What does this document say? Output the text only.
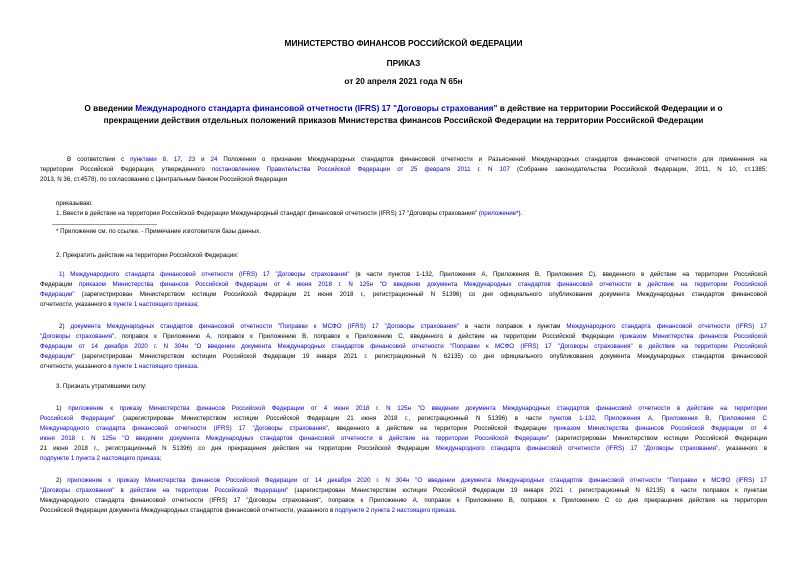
МИНИСТЕРСТВО ФИНАНСОВ РОССИЙСКОЙ ФЕДЕРАЦИИ
ПРИКАЗ
от 20 апреля 2021 года N 65н
О введении Международного стандарта финансовой отчетности (IFRS) 17 "Договоры страхования" в действие на территории Российской Федерации и о
прекращении действия отдельных положений приказов Министерства финансов Российской Федерации на территории Российской Федерации
В соответствии с пунктами 8, 17, 23 и 24 Положения о признании Международных стандартов финансовой отчетности и Разъяснений Международных стандартов финансовой отчетности для применения на
территории Российской Федерации, утвержденного постановлением Правительства Российской Федерации от 25 февраля 2011 г. N 107 (Собрание законодательства Российской Федерации, 2011, N 10, ст.1385;
2013, N 36, ст.4578), по согласованию с Центральным банком Российской Федерации
приказываю:
1. Ввести в действие на территории Российской Федерации Международный стандарт финансовой отчетности (IFRS) 17 "Договоры страхования" (приложение*).
* Приложение см. по ссылке. - Примечание изготовителя базы данных.
2. Прекратить действие на территории Российской Федерации:
1) Международного стандарта финансовой отчетности (IFRS) 17 "Договоры страхования" (в части пунктов 1-132, Приложения A, Приложения B, Приложения C), введенного в действие на территории Российской
Федерации приказом Министерства финансов Российской Федерации от 4 июня 2018 г. N 125н "О введении документа Международных стандартов финансовой отчетности в действие на территории Российской
Федерации" (зарегистрирован Министерством юстиции Российской Федерации 21 июня 2018 г., регистрационный N 51396) со дня официального опубликования документа Международных стандартов финансовой
отчетности, указанного в пункте 1 настоящего приказа;
2) документа Международных стандартов финансовой отчетности "Поправки к МСФО (IFRS) 17 "Договоры страхования" в части поправок к пунктам Международного стандарта финансовой отчетности (IFRS) 17
"Договоры страхования", поправок к Приложению A, поправок к Приложению B, поправок к Приложению C, введенного в действие на территории Российской Федерации приказом Министерства финансов Российской
Федерации от 14 декабря 2020 г. N 304н "О введении документа Международных стандартов финансовой отчетности "Поправки к МСФО (IFRS) 17 "Договоры страхования" в действие на территории Российской
Федерации" (зарегистрирован Министерством юстиции Российской Федерации 19 января 2021 г. регистрационный N 62135) со дня официального опубликования документа Международных стандартов финансовой
отчетности, указанного в пункте 1 настоящего приказа.
3. Признать утратившими силу:
1) приложение к приказу Министерства финансов Российской Федерации от 4 июня 2018 г. N 125н "О введении документа Международных стандартов финансовой отчетности в действие на территории
Российской Федерации" (зарегистрирован Министерством юстиции Российской Федерации 21 июня 2018 г., регистрационный N 51396) в части пунктов 1-132, Приложения A, Приложения B, Приложения C
Международного стандарта финансовой отчетности (IFRS) 17 "Договоры страхования", введенного в действие на территории Российской Федерации приказом Министерства финансов Российской Федерации от 4
июня 2018 г. N 125н "О введении документа Международных стандартов финансовой отчетности в действие на территории Российской Федерации" (зарегистрирован Министерством юстиции Российской Федерации
21 июня 2018 г., регистрационный N 51396) со дня прекращения действия на территории Российской Федерации Международного стандарта финансовой отчетности (IFRS) 17 "Договоры страхования", указанного в
подпункте 1 пункта 2 настоящего приказа;
2) приложение к приказу Министерства финансов Российской Федерации от 14 декабря 2020 г. N 304н "О введении документа Международных стандартов финансовой отчетности "Поправки к МСФО (IFRS) 17
"Договоры страхования" в действие на территории Российской Федерации" (зарегистрирован Министерством юстиции Российской Федерации 19 января 2021 г. регистрационный N 62135) в части поправок к пунктам
Международного стандарта финансовой отчетности (IFRS) 17 "Договоры страхования", поправок к Приложению A, поправок к Приложению B, поправок к Приложению C со дня прекращения действия на территории
Российской Федерации документа Международных стандартов финансовой отчетности, указанного в подпункте 2 пункта 2 настоящего приказа.
